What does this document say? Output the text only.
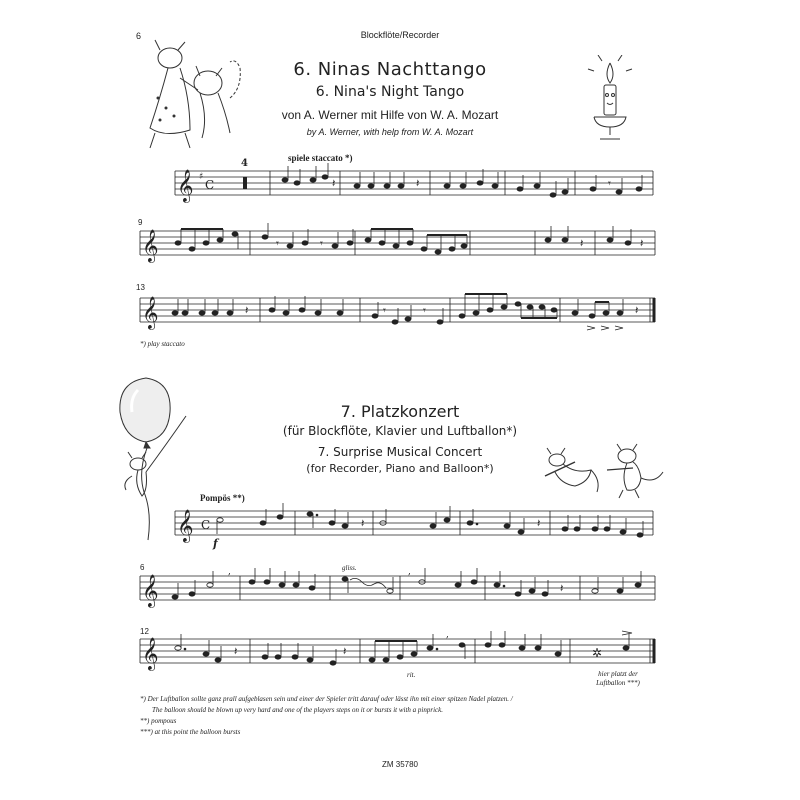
6	Blockflöte/Recorder
6. Ninas Nachttango
6. Nina's Night Tango
von A. Werner mit Hilfe von W. A. Mozart
by A. Werner, with help from W. A. Mozart
spiele staccato *)
𝄞 ♯
C
4
𝄽	𝄽	𝄾
9
𝄞	𝄾	𝄾	𝄽	𝄽
13
𝄞	𝄽	𝄾	𝄾	𝄽
*) play staccato
7. Platzkonzert
(für Blockflöte, Klavier und Luftballon*)
7. Surprise Musical Concert
(for Recorder, Piano and Balloon*)
Pompös **)
𝄞 C	𝄽	𝄽
f
6	gliss.
𝄞	𝄽
,	,
12
𝄞	𝄽	𝄽
,
✲
rit.	hier platzt der
Luftballon ***)
*) Der Luftballon sollte ganz prall aufgeblasen sein und einer der Spieler tritt darauf oder lässt ihn mit einer spitzen Nadel platzen. /
The balloon should be blown up very hard and one of the players steps on it or bursts it with a pinprick.
**) pompous
***) at this point the balloon bursts
ZM 35780
